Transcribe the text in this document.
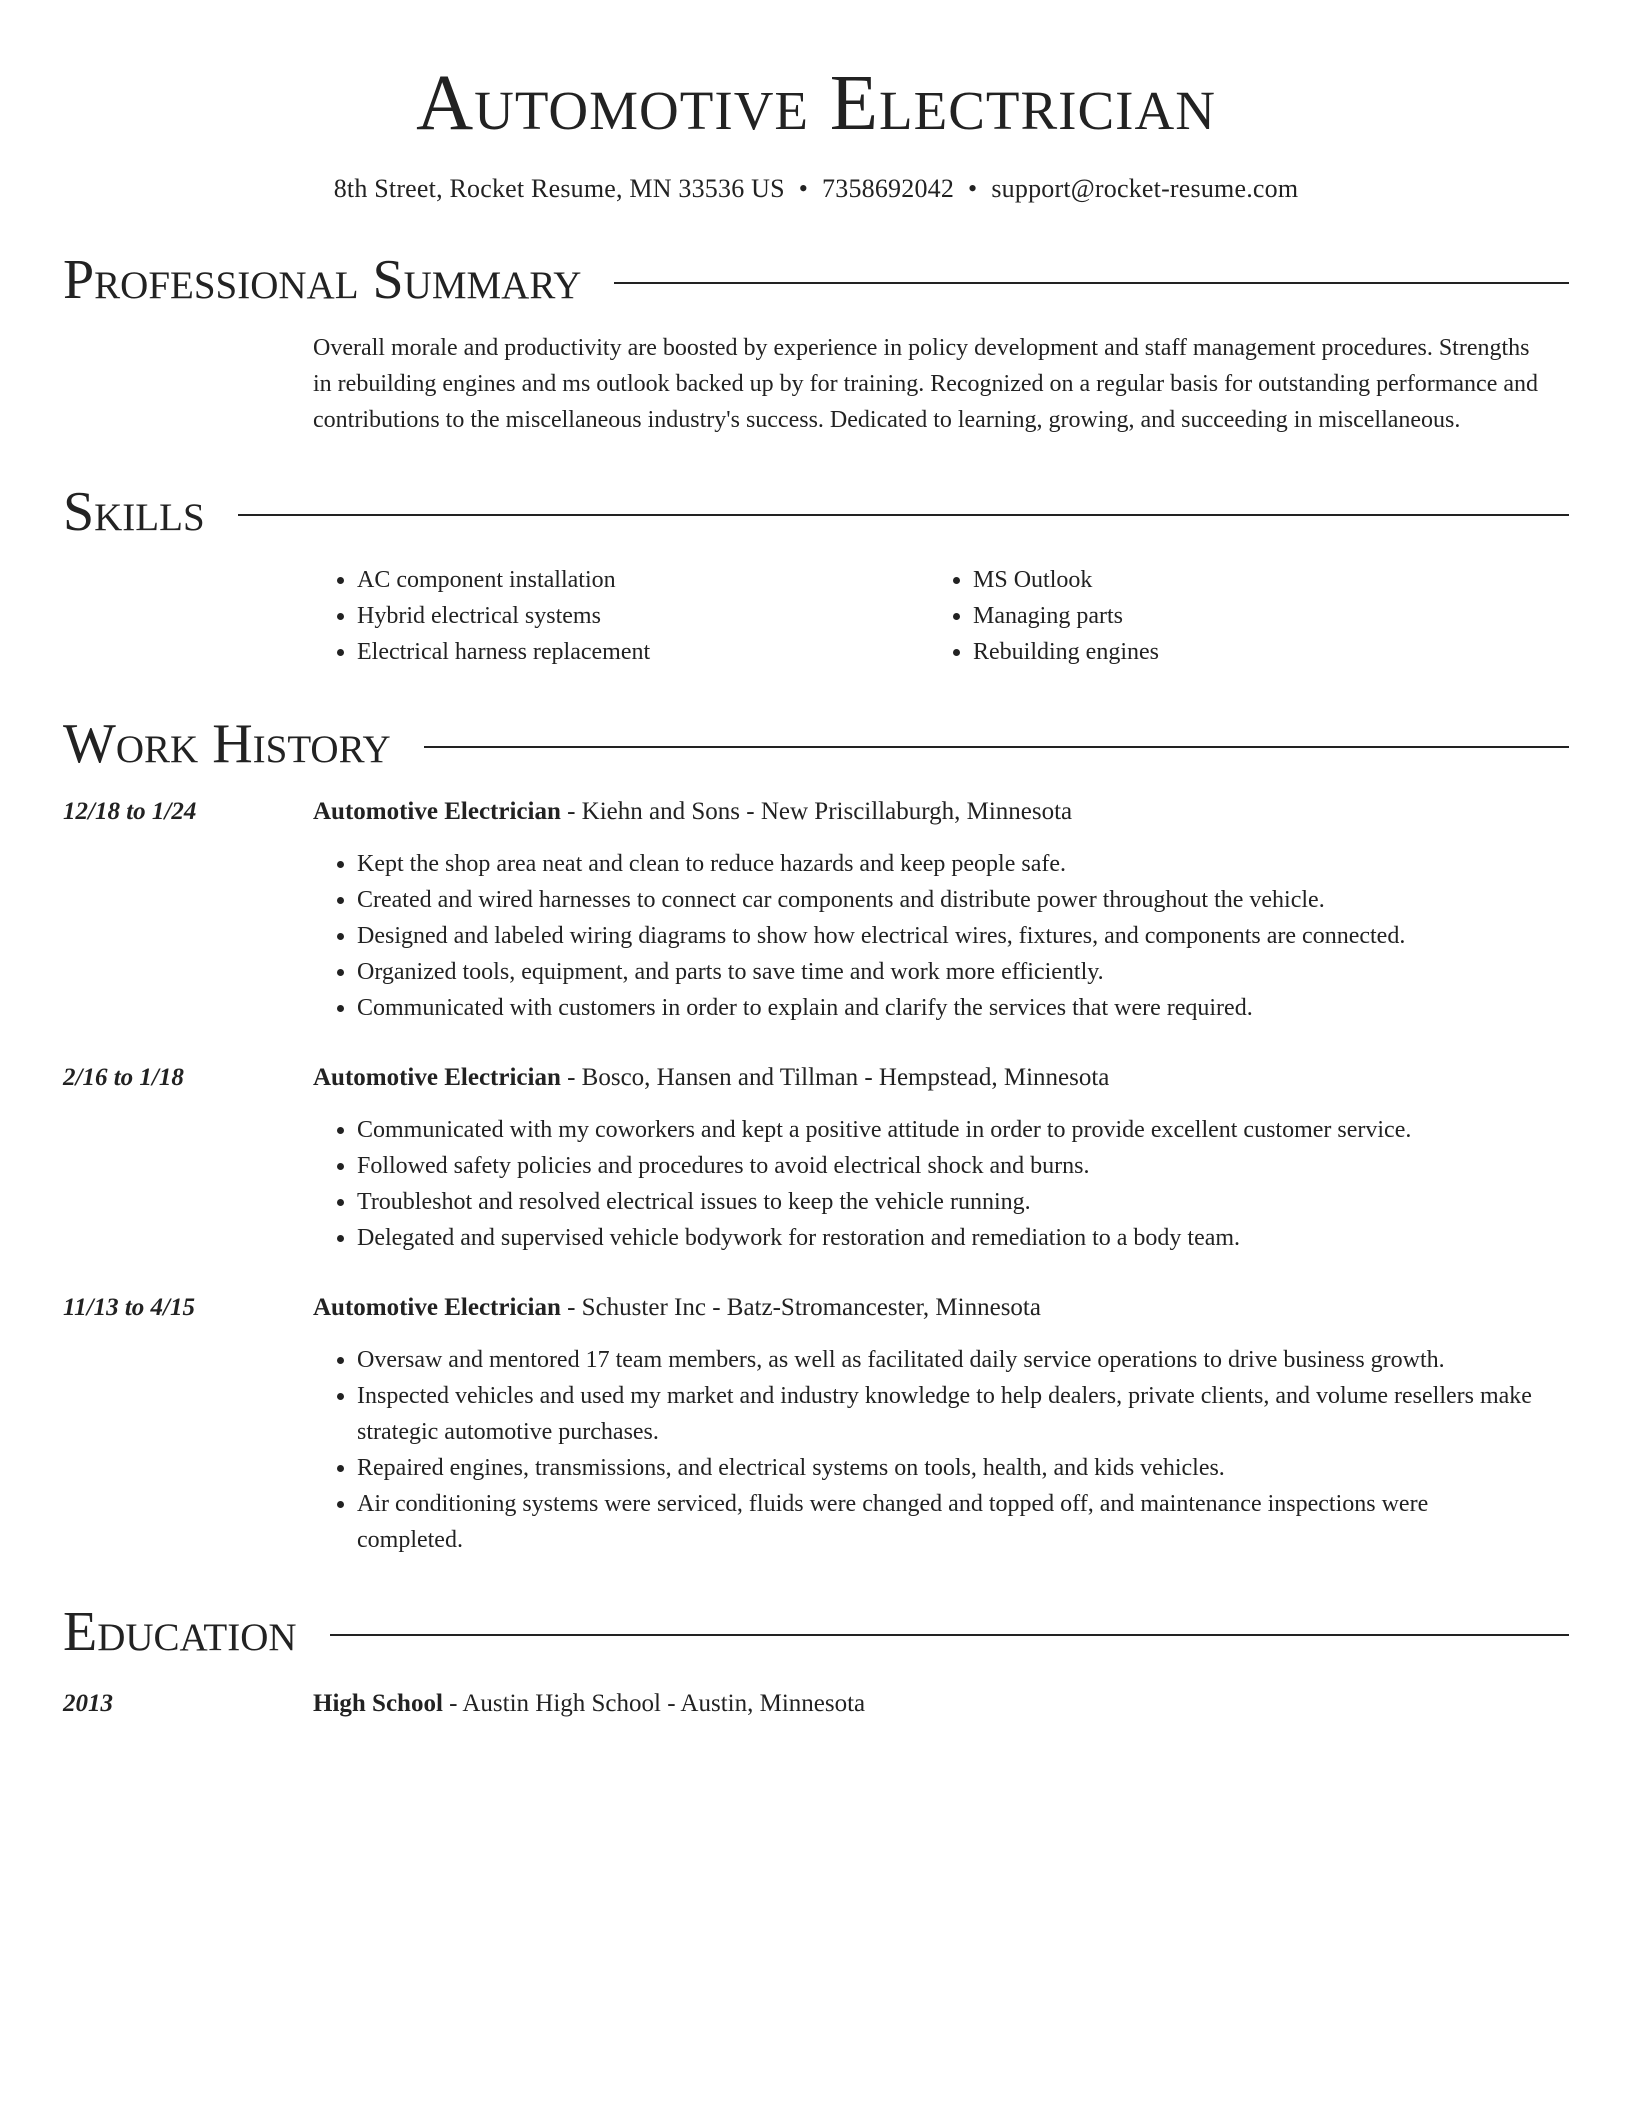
Automotive Electrician
8th Street, Rocket Resume, MN 33536 US • 7358692042 • support@rocket-resume.com
Professional Summary
Overall morale and productivity are boosted by experience in policy development and staff management procedures. Strengths in rebuilding engines and ms outlook backed up by for training. Recognized on a regular basis for outstanding performance and contributions to the miscellaneous industry's success. Dedicated to learning, growing, and succeeding in miscellaneous.
Skills
• AC component installation
• Hybrid electrical systems
• Electrical harness replacement
• MS Outlook
• Managing parts
• Rebuilding engines
Work History
12/18 to 1/24	Automotive Electrician - Kiehn and Sons - New Priscillaburgh, Minnesota
• Kept the shop area neat and clean to reduce hazards and keep people safe.
• Created and wired harnesses to connect car components and distribute power throughout the vehicle.
• Designed and labeled wiring diagrams to show how electrical wires, fixtures, and components are connected.
• Organized tools, equipment, and parts to save time and work more efficiently.
• Communicated with customers in order to explain and clarify the services that were required.
2/16 to 1/18	Automotive Electrician - Bosco, Hansen and Tillman - Hempstead, Minnesota
• Communicated with my coworkers and kept a positive attitude in order to provide excellent customer service.
• Followed safety policies and procedures to avoid electrical shock and burns.
• Troubleshot and resolved electrical issues to keep the vehicle running.
• Delegated and supervised vehicle bodywork for restoration and remediation to a body team.
11/13 to 4/15	Automotive Electrician - Schuster Inc - Batz-Stromancester, Minnesota
• Oversaw and mentored 17 team members, as well as facilitated daily service operations to drive business growth.
• Inspected vehicles and used my market and industry knowledge to help dealers, private clients, and volume resellers make strategic automotive purchases.
• Repaired engines, transmissions, and electrical systems on tools, health, and kids vehicles.
• Air conditioning systems were serviced, fluids were changed and topped off, and maintenance inspections were completed.
Education
2013	High School - Austin High School - Austin, Minnesota
